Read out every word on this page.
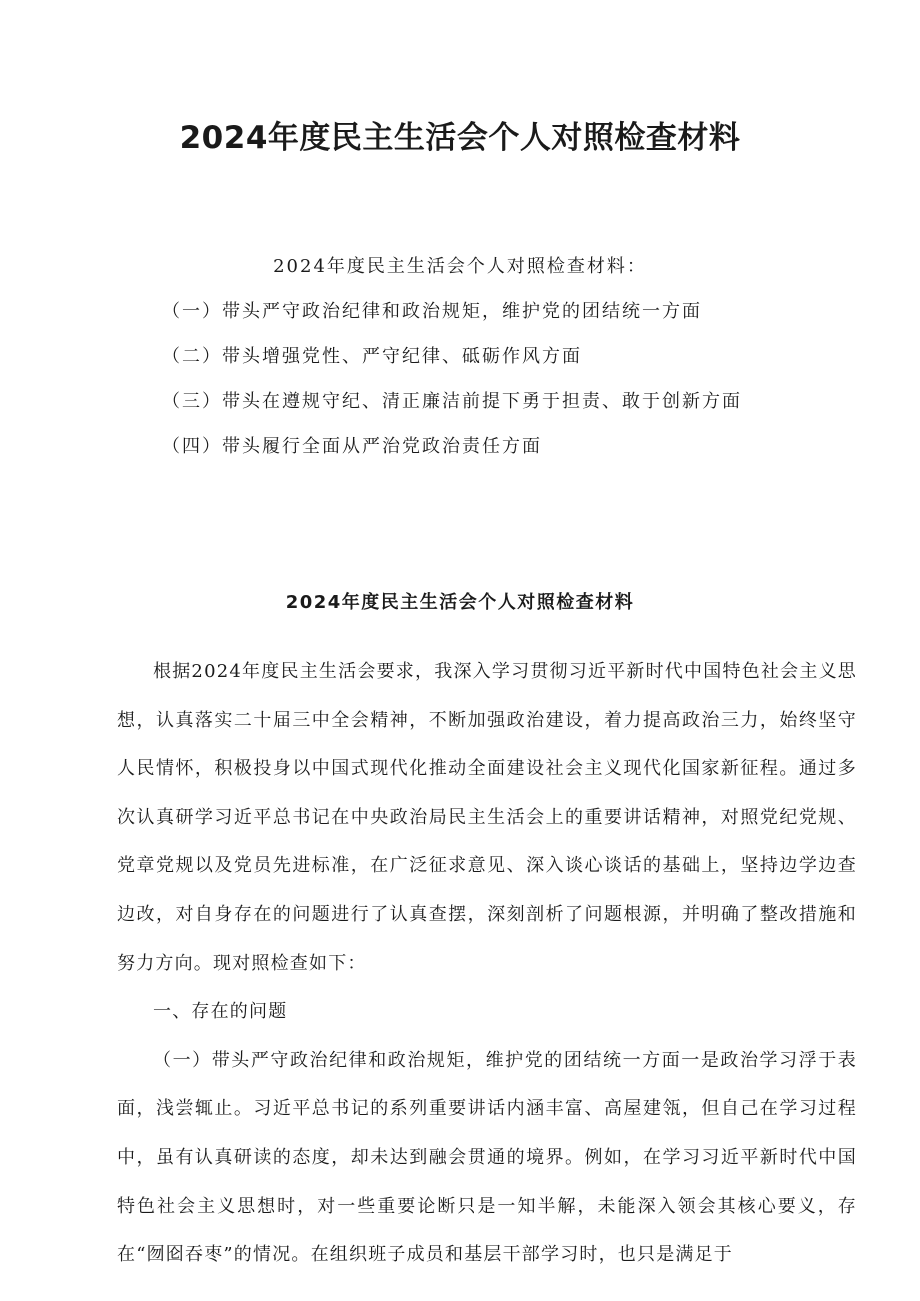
2024年度民主生活会个人对照检查材料
2024年度民主生活会个人对照检查材料：
（一）带头严守政治纪律和政治规矩，维护党的团结统一方面
（二）带头增强党性、严守纪律、砥砺作风方面
（三）带头在遵规守纪、清正廉洁前提下勇于担责、敢于创新方面
（四）带头履行全面从严治党政治责任方面
2024年度民主生活会个人对照检查材料

根据2024年度民主生活会要求，我深入学习贯彻习近平新时代中国特色社会主义思想，认真落实二十届三中全会精神，不断加强政治建设，着力提高政治三力，始终坚守人民情怀，积极投身以中国式现代化推动全面建设社会主义现代化国家新征程。通过多次认真研学习近平总书记在中央政治局民主生活会上的重要讲话精神，对照党纪党规、党章党规以及党员先进标准，在广泛征求意见、深入谈心谈话的基础上，坚持边学边查边改，对自身存在的问题进行了认真查摆，深刻剖析了问题根源，并明确了整改措施和努力方向。现对照检查如下：

一、存在的问题

（一）带头严守政治纪律和政治规矩，维护党的团结统一方面一是政治学习浮于表面，浅尝辄止。习近平总书记的系列重要讲话内涵丰富、高屋建瓴，但自己在学习过程中，虽有认真研读的态度，却未达到融会贯通的境界。例如，在学习习近平新时代中国特色社会主义思想时，对一些重要论断只是一知半解，未能深入领会其核心要义，存在“囫囵吞枣”的情况。在组织班子成员和基层干部学习时，也只是满足于
